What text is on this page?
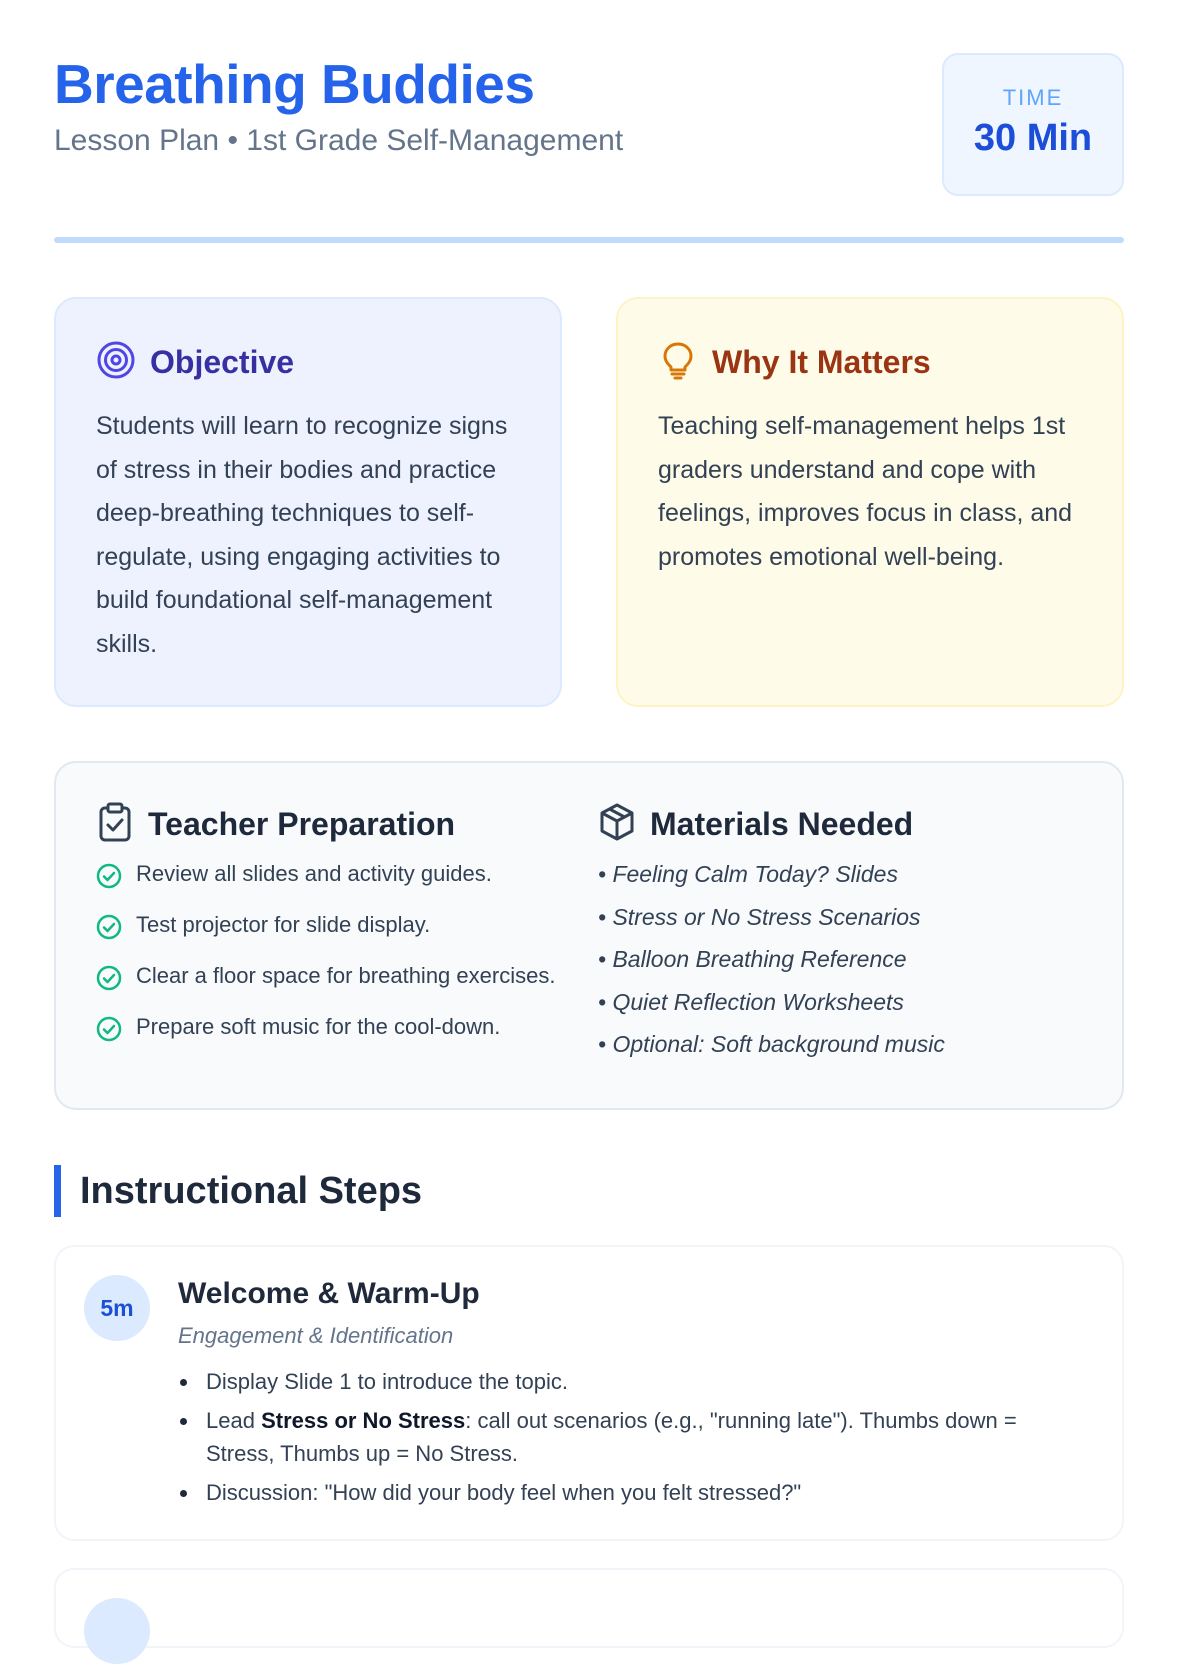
Breathing Buddies
Lesson Plan • 1st Grade Self-Management
TIME
30 Min
Objective
Students will learn to recognize signs of stress in their bodies and practice deep-breathing techniques to self-regulate, using engaging activities to build foundational self-management skills.
Why It Matters
Teaching self-management helps 1st graders understand and cope with feelings, improves focus in class, and promotes emotional well-being.
Teacher Preparation
Review all slides and activity guides.
Test projector for slide display.
Clear a floor space for breathing exercises.
Prepare soft music for the cool-down.
Materials Needed
• Feeling Calm Today? Slides
• Stress or No Stress Scenarios
• Balloon Breathing Reference
• Quiet Reflection Worksheets
• Optional: Soft background music
Instructional Steps
5m	Welcome & Warm-Up
Engagement & Identification
Display Slide 1 to introduce the topic.
Lead Stress or No Stress: call out scenarios (e.g., "running late"). Thumbs down = Stress, Thumbs up = No Stress.
Discussion: "How did your body feel when you felt stressed?"
